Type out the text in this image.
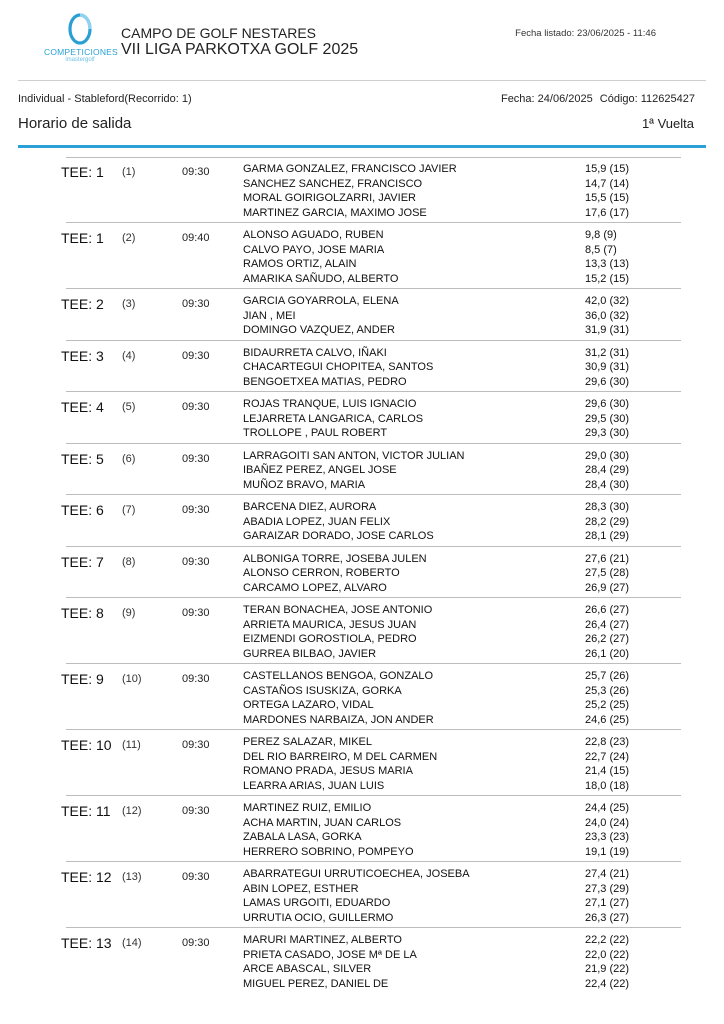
COMPETICIONES
imastergolf
CAMPO DE GOLF NESTARES
VII LIGA PARKOTXA GOLF 2025
Fecha listado: 23/06/2025 - 11:46
Individual - Stableford(Recorrido: 1)	Fecha: 24/06/2025 Código: 112625427
Horario de salida	1ª Vuelta
TEE: 1 (1)	09:30	GARMA GONZALEZ, FRANCISCO JAVIER	15,9 (15)
SANCHEZ SANCHEZ, FRANCISCO	14,7 (14)
MORAL GOIRIGOLZARRI, JAVIER	15,5 (15)
MARTINEZ GARCIA, MAXIMO JOSE	17,6 (17)
TEE: 1 (2)	09:40	ALONSO AGUADO, RUBEN	9,8 (9)
CALVO PAYO, JOSE MARIA	8,5 (7)
RAMOS ORTIZ, ALAIN	13,3 (13)
AMARIKA SAÑUDO, ALBERTO	15,2 (15)
TEE: 2 (3)	09:30	GARCIA GOYARROLA, ELENA	42,0 (32)
JIAN , MEI	36,0 (32)
DOMINGO VAZQUEZ, ANDER	31,9 (31)
TEE: 3 (4)	09:30	BIDAURRETA CALVO, IÑAKI	31,2 (31)
CHACARTEGUI CHOPITEA, SANTOS	30,9 (31)
BENGOETXEA MATIAS, PEDRO	29,6 (30)
TEE: 4 (5)	09:30	ROJAS TRANQUE, LUIS IGNACIO	29,6 (30)
LEJARRETA LANGARICA, CARLOS	29,5 (30)
TROLLOPE , PAUL ROBERT	29,3 (30)
TEE: 5 (6)	09:30	LARRAGOITI SAN ANTON, VICTOR JULIAN	29,0 (30)
IBAÑEZ PEREZ, ANGEL JOSE	28,4 (29)
MUÑOZ BRAVO, MARIA	28,4 (30)
TEE: 6 (7)	09:30	BARCENA DIEZ, AURORA	28,3 (30)
ABADIA LOPEZ, JUAN FELIX	28,2 (29)
GARAIZAR DORADO, JOSE CARLOS	28,1 (29)
TEE: 7 (8)	09:30	ALBONIGA TORRE, JOSEBA JULEN	27,6 (21)
ALONSO CERRON, ROBERTO	27,5 (28)
CARCAMO LOPEZ, ALVARO	26,9 (27)
TEE: 8 (9)	09:30	TERAN BONACHEA, JOSE ANTONIO	26,6 (27)
ARRIETA MAURICA, JESUS JUAN	26,4 (27)
EIZMENDI GOROSTIOLA, PEDRO	26,2 (27)
GURREA BILBAO, JAVIER	26,1 (20)
TEE: 9 (10)	09:30	CASTELLANOS BENGOA, GONZALO	25,7 (26)
CASTAÑOS ISUSKIZA, GORKA	25,3 (26)
ORTEGA LAZARO, VIDAL	25,2 (25)
MARDONES NARBAIZA, JON ANDER	24,6 (25)
TEE: 10 (11)	09:30	PEREZ SALAZAR, MIKEL	22,8 (23)
DEL RIO BARREIRO, M DEL CARMEN	22,7 (24)
ROMANO PRADA, JESUS MARIA	21,4 (15)
LEARRA ARIAS, JUAN LUIS	18,0 (18)
TEE: 11 (12)	09:30	MARTINEZ RUIZ, EMILIO	24,4 (25)
ACHA MARTIN, JUAN CARLOS	24,0 (24)
ZABALA LASA, GORKA	23,3 (23)
HERRERO SOBRINO, POMPEYO	19,1 (19)
TEE: 12 (13)	09:30	ABARRATEGUI URRUTICOECHEA, JOSEBA	27,4 (21)
ABIN LOPEZ, ESTHER	27,3 (29)
LAMAS URGOITI, EDUARDO	27,1 (27)
URRUTIA OCIO, GUILLERMO	26,3 (27)
TEE: 13 (14)	09:30	MARURI MARTINEZ, ALBERTO	22,2 (22)
PRIETA CASADO, JOSE Mª DE LA	22,0 (22)
ARCE ABASCAL, SILVER	21,9 (22)
MIGUEL PEREZ, DANIEL DE	22,4 (22)
